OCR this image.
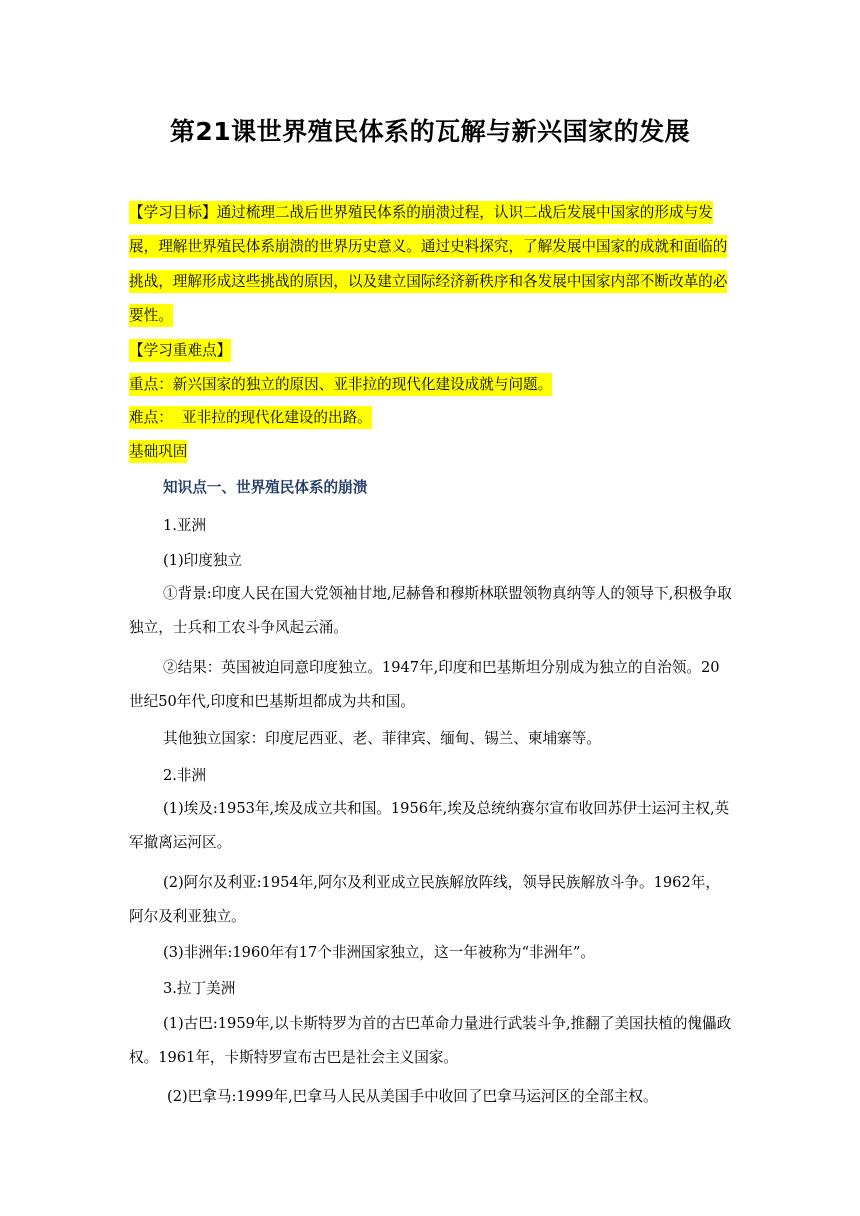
第21课世界殖民体系的瓦解与新兴国家的发展
【学习目标】通过梳理二战后世界殖民体系的崩溃过程，认识二战后发展中国家的形成与发展，理解世界殖民体系崩溃的世界历史意义。通过史料探究，了解发展中国家的成就和面临的挑战，理解形成这些挑战的原因，以及建立国际经济新秩序和各发展中国家内部不断改革的必要性。
【学习重难点】
重点：新兴国家的独立的原因、亚非拉的现代化建设成就与问题。
难点：  亚非拉的现代化建设的出路。
基础巩固
知识点一、世界殖民体系的崩溃
1.亚洲
(1)印度独立
①背景:印度人民在国大党领袖甘地,尼赫鲁和穆斯林联盟领物真纳等人的领导下,积极争取独立，士兵和工农斗争风起云涌。
②结果：英国被迫同意印度独立。1947年,印度和巴基斯坦分别成为独立的自治领。20世纪50年代,印度和巴基斯坦都成为共和国。
其他独立国家：印度尼西亚、老、菲律宾、缅甸、锡兰、柬埔寨等。
2.非洲
(1)埃及:1953年,埃及成立共和国。1956年,埃及总统纳赛尔宣布收回苏伊士运河主权,英军撤离运河区。
(2)阿尔及利亚:1954年,阿尔及利亚成立民族解放阵线，领导民族解放斗争。1962年，阿尔及利亚独立。
(3)非洲年:1960年有17个非洲国家独立，这一年被称为“非洲年”。
3.拉丁美洲
(1)古巴:1959年,以卡斯特罗为首的古巴革命力量进行武装斗争,推翻了美国扶植的傀儡政权。1961年，卡斯特罗宣布古巴是社会主义国家。
(2)巴拿马:1999年,巴拿马人民从美国手中收回了巴拿马运河区的全部主权。
